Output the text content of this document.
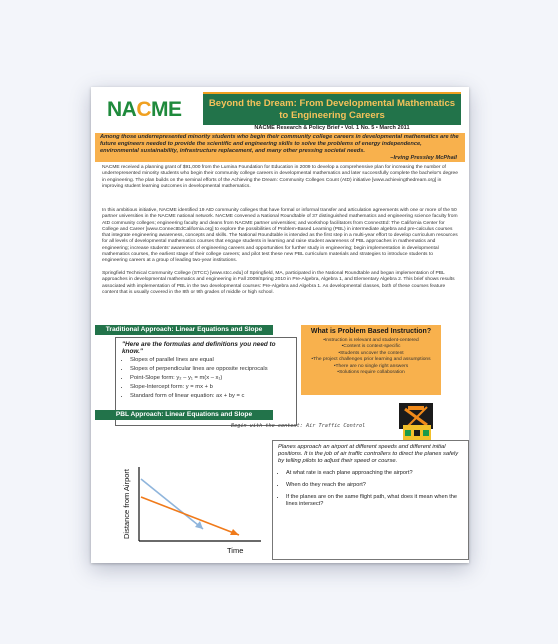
NACME	Beyond the Dream: From Developmental Mathematics to Engineering Careers
NACME Research & Policy Brief • Vol. 1 No. 5 • March 2011
Among those underrepresented minority students who begin their community college careers in developmental mathematics are the future engineers needed to provide the scientific and engineering skills to solve the problems of energy independence, environmental sustainability, infrastructure replacement, and many other pressing societal needs.
–Irving Pressley McPhail
NACME received a planning grant of $91,000 from the Lumina Foundation for Education in 2009 to develop a comprehensive plan for increasing the number of underrepresented minority students who begin their community college careers in developmental mathematics and later successfully complete the bachelor's degree in engineering. The plan builds on the seminal efforts of the Achieving the Dream: Community Colleges Count (AtD) initiative [www.achievingthedream.org] in improving student learning outcomes in developmental mathematics.
In this ambitious initiative, NACME identified 19 AtD community colleges that have formal or informal transfer and articulation agreements with one or more of the 50 partner universities in the NACME national network. NACME convened a National Roundtable of 37 distinguished mathematics and engineering science faculty from AtD community colleges; engineering faculty and deans from NACME partner universities; and workshop facilitators from ConnectEd: The California Center for College and Career [www.ConnectEdCalifornia.org] to explore the possibilities of Problem-Based Learning (PBL) in intermediate algebra and pre-calculus courses that integrate engineering awareness, concepts and skills. The National Roundtable is intended as the first step in a multi-year effort to develop curriculum resources for all levels of developmental mathematics courses that engage students in learning and raise student awareness of PBL approaches in mathematics and engineering; increase students' awareness of engineering careers and opportunities for further study in engineering; begin implementation in developmental mathematics courses, the earliest stage of their college careers; and pilot test these new PBL curriculum materials and strategies to introduce students to engineering careers at a group of leading two-year institutions.
Springfield Technical Community College (STCC) [www.stcc.edu] of Springfield, MA, participated in the National Roundtable and began implementation of PBL approaches in developmental mathematics and engineering in Fall 2009/Spring 2010 in Pre-Algebra, Algebra 1, and Elementary Algebra 2. This brief shows results associated with implementation of PBL in the two developmental courses: Pre-Algebra and Algebra 1. As developmental classes, both of these courses feature content that is usually covered in the 8th or 9th grades of middle or high school.
Traditional Approach: Linear Equations and Slope
"Here are the formulas and definitions you need to know."
• Slopes of parallel lines are equal
• Slopes of perpendicular lines are opposite reciprocals
• Point-Slope form: y₂ – y₁ = m(x – x₁)
• Slope-Intercept form: y = mx + b
• Standard form of linear equation: ax + by = c
What is Problem Based Instruction?
•Instruction is relevant and student-centered
•Content is context-specific
•Students uncover the content
•The project challenges prior learning and assumptions
•There are no single right answers
•Solutions require collaboration
PBL Approach: Linear Equations and Slope
Begin with the context: Air Traffic Control

Planes approach an airport at different speeds and different initial positions. It is the job of air traffic controllers to direct the planes safely by telling pilots to adjust their speed or course.

• At what rate is each plane approaching the airport?
• When do they reach the airport?
• If the planes are on the same flight path, what does it mean when the lines intersect?
Distance from Airport
Time
